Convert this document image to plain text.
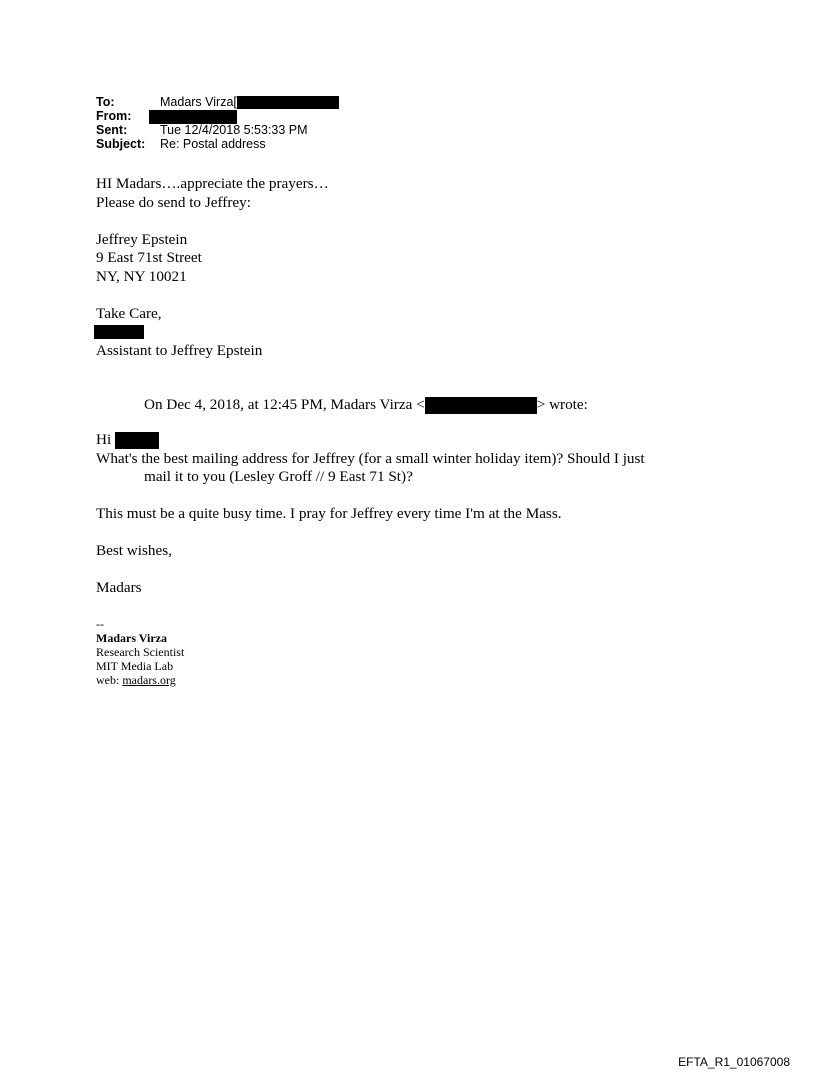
To:	Madars Virza[
From:
Sent:	Tue 12/4/2018 5:53:33 PM
Subject: Re: Postal address

HI Madars….appreciate the prayers…

Please do send to Jeffrey:

Jeffrey Epstein

9 East 71st Street

NY, NY 10021

Take Care,

Assistant to Jeffrey Epstein

On Dec 4, 2018, at 12:45 PM, Madars Virza <	> wrote:

Hi

What's the best mailing address for Jeffrey (for a small winter holiday item)? Should I just

mail it to you (Lesley Groff // 9 East 71 St)?

This must be a quite busy time. I pray for Jeffrey every time I'm at the Mass.

Best wishes,

Madars

--
Madars Virza
Research Scientist
MIT Media Lab
web: madars.org
EFTA_R1_01067008
